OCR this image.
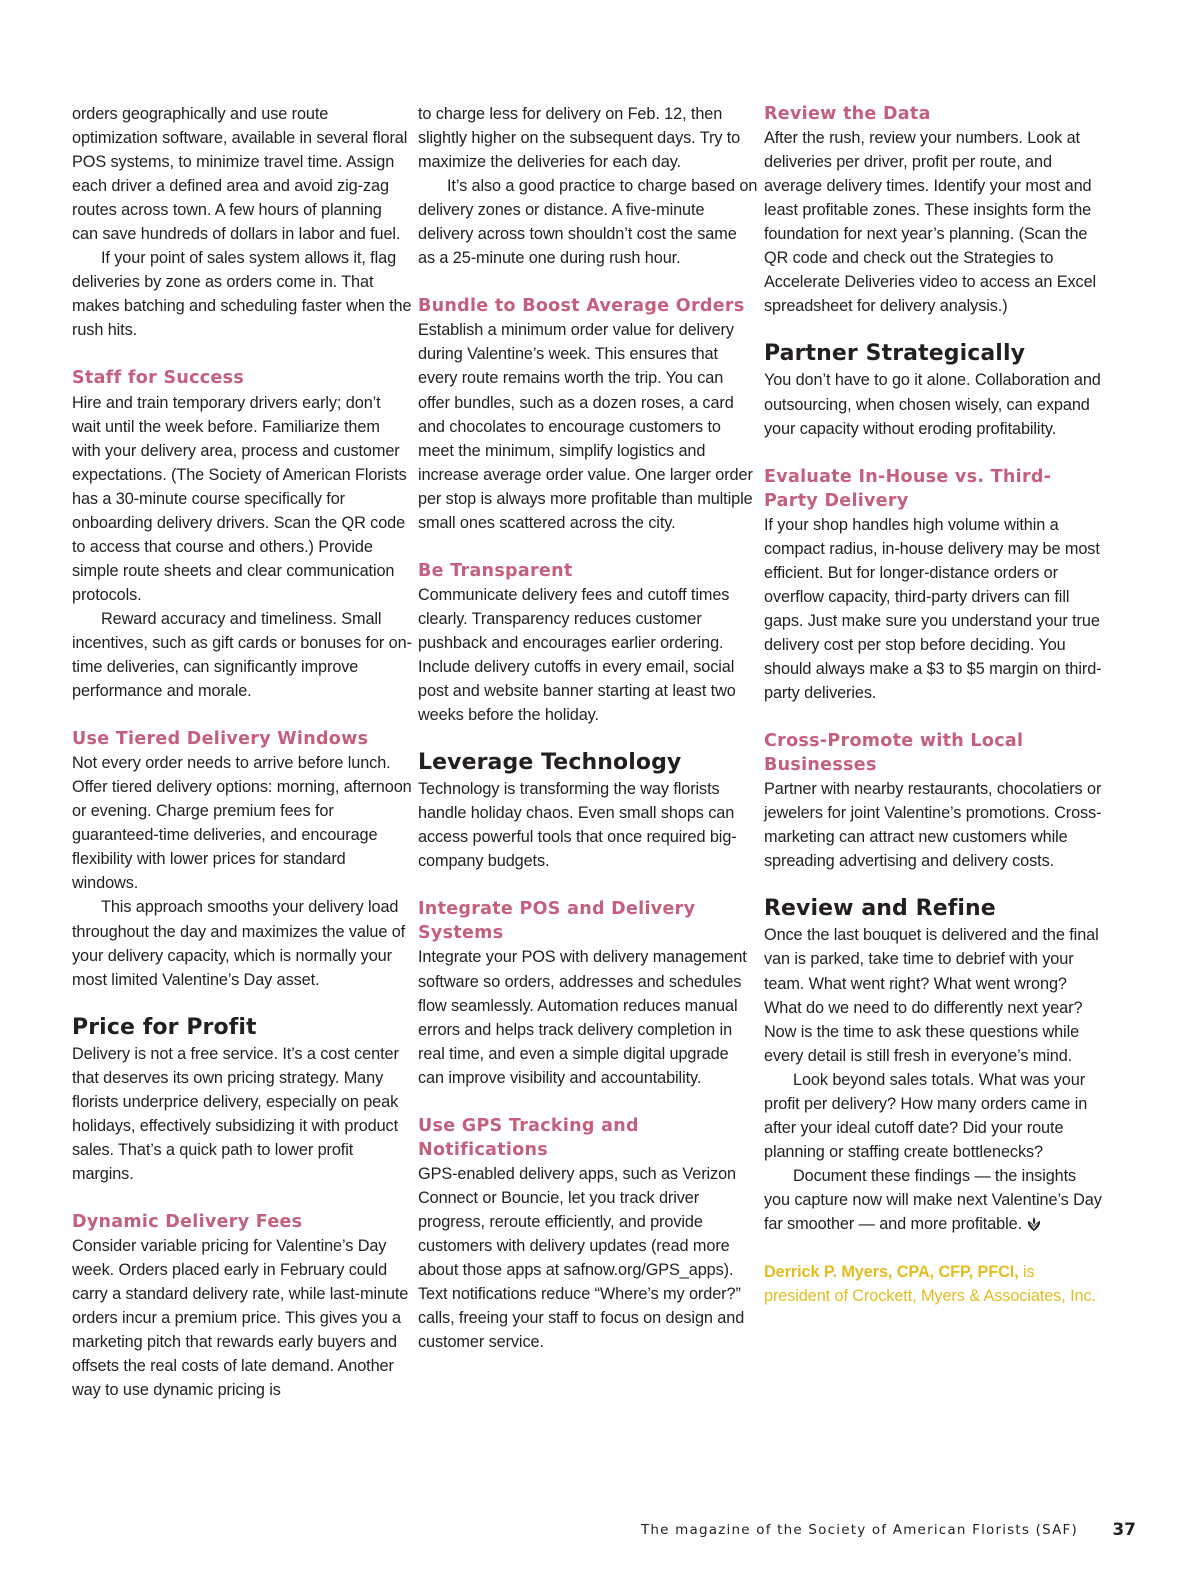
orders geographically and use route optimization software, available in several floral POS systems, to minimize travel time. Assign each driver a defined area and avoid zig-zag routes across town. A few hours of planning can save hundreds of dollars in labor and fuel.

If your point of sales system allows it, flag deliveries by zone as orders come in. That makes batching and scheduling faster when the rush hits.

Staff for Success

Hire and train temporary drivers early; don’t wait until the week before. Familiarize them with your delivery area, process and customer expectations. (The Society of American Florists has a 30-minute course specifically for onboarding delivery drivers. Scan the QR code to access that course and others.) Provide simple route sheets and clear communication protocols.

Reward accuracy and timeliness. Small incentives, such as gift cards or bonuses for on-time deliveries, can significantly improve performance and morale.

Use Tiered Delivery Windows

Not every order needs to arrive before lunch. Offer tiered delivery options: morning, afternoon or evening. Charge premium fees for guaranteed-time deliveries, and encourage flexibility with lower prices for standard windows.

This approach smooths your delivery load throughout the day and maximizes the value of your delivery capacity, which is normally your most limited Valentine’s Day asset.

Price for Profit

Delivery is not a free service. It’s a cost center that deserves its own pricing strategy. Many florists underprice delivery, especially on peak holidays, effectively subsidizing it with product sales. That’s a quick path to lower profit margins.

Dynamic Delivery Fees

Consider variable pricing for Valentine’s Day week. Orders placed early in February could carry a standard delivery rate, while last-minute orders incur a premium price. This gives you a marketing pitch that rewards early buyers and offsets the real costs of late demand. Another way to use dynamic pricing is

to charge less for delivery on Feb. 12, then slightly higher on the subsequent days. Try to maximize the deliveries for each day.

It’s also a good practice to charge based on delivery zones or distance. A five-minute delivery across town shouldn’t cost the same as a 25-minute one during rush hour.

Bundle to Boost Average Orders

Establish a minimum order value for delivery during Valentine’s week. This ensures that every route remains worth the trip. You can offer bundles, such as a dozen roses, a card and chocolates to encourage customers to meet the minimum, simplify logistics and increase average order value. One larger order per stop is always more profitable than multiple small ones scattered across the city.

Be Transparent

Communicate delivery fees and cutoff times clearly. Transparency reduces customer pushback and encourages earlier ordering. Include delivery cutoffs in every email, social post and website banner starting at least two weeks before the holiday.

Leverage Technology

Technology is transforming the way florists handle holiday chaos. Even small shops can access powerful tools that once required big-company budgets.

Integrate POS and Delivery Systems

Integrate your POS with delivery management software so orders, addresses and schedules flow seamlessly. Automation reduces manual errors and helps track delivery completion in real time, and even a simple digital upgrade can improve visibility and accountability.

Use GPS Tracking and Notifications

GPS-enabled delivery apps, such as Verizon Connect or Bouncie, let you track driver progress, reroute efficiently, and provide customers with delivery updates (read more about those apps at safnow.org/GPS_apps). Text notifications reduce “Where’s my order?” calls, freeing your staff to focus on design and customer service.

Review the Data

After the rush, review your numbers. Look at deliveries per driver, profit per route, and average delivery times. Identify your most and least profitable zones. These insights form the foundation for next year’s planning. (Scan the QR code and check out the Strategies to Accelerate Deliveries video to access an Excel spreadsheet for delivery analysis.)

Partner Strategically

You don’t have to go it alone. Collaboration and outsourcing, when chosen wisely, can expand your capacity without eroding profitability.

Evaluate In-House vs. Third-Party Delivery

If your shop handles high volume within a compact radius, in-house delivery may be most efficient. But for longer-distance orders or overflow capacity, third-party drivers can fill gaps. Just make sure you understand your true delivery cost per stop before deciding. You should always make a $3 to $5 margin on third-party deliveries.

Cross-Promote with Local Businesses

Partner with nearby restaurants, chocolatiers or jewelers for joint Valentine’s promotions. Cross-marketing can attract new customers while spreading advertising and delivery costs.

Review and Refine

Once the last bouquet is delivered and the final van is parked, take time to debrief with your team. What went right? What went wrong? What do we need to do differently next year? Now is the time to ask these questions while every detail is still fresh in everyone’s mind.

Look beyond sales totals. What was your profit per delivery? How many orders came in after your ideal cutoff date? Did your route planning or staffing create bottlenecks?

Document these findings — the insights you capture now will make next Valentine’s Day far smoother — and more profitable.

Derrick P. Myers, CPA, CFP, PFCI, is president of Crockett, Myers & Associates, Inc.

The magazine of the Society of American Florists (SAF) 37
